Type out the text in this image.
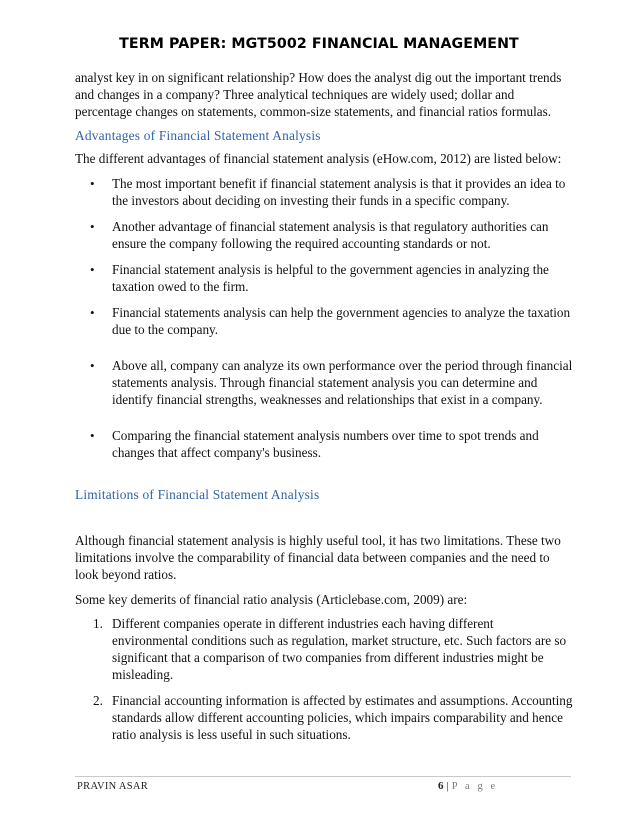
TERM PAPER: MGT5002 FINANCIAL MANAGEMENT

analyst key in on significant relationship? How does the analyst dig out the important trends and changes in a company? Three analytical techniques are widely used; dollar and percentage changes on statements, common-size statements, and financial ratios formulas.

Advantages of Financial Statement Analysis

The different advantages of financial statement analysis (eHow.com, 2012) are listed below:

• The most important benefit if financial statement analysis is that it provides an idea to the investors about deciding on investing their funds in a specific company.
• Another advantage of financial statement analysis is that regulatory authorities can ensure the company following the required accounting standards or not.
• Financial statement analysis is helpful to the government agencies in analyzing the taxation owed to the firm.
• Financial statements analysis can help the government agencies to analyze the taxation due to the company.
• Above all, company can analyze its own performance over the period through financial statements analysis. Through financial statement analysis you can determine and identify financial strengths, weaknesses and relationships that exist in a company.
• Comparing the financial statement analysis numbers over time to spot trends and changes that affect company's business.

Limitations of Financial Statement Analysis

Although financial statement analysis is highly useful tool, it has two limitations. These two limitations involve the comparability of financial data between companies and the need to look beyond ratios.

Some key demerits of financial ratio analysis (Articlebase.com, 2009) are:

1. Different companies operate in different industries each having different environmental conditions such as regulation, market structure, etc. Such factors are so significant that a comparison of two companies from different industries might be misleading.
2. Financial accounting information is affected by estimates and assumptions. Accounting standards allow different accounting policies, which impairs comparability and hence ratio analysis is less useful in such situations.
PRAVIN ASAR	6 | P a g e
